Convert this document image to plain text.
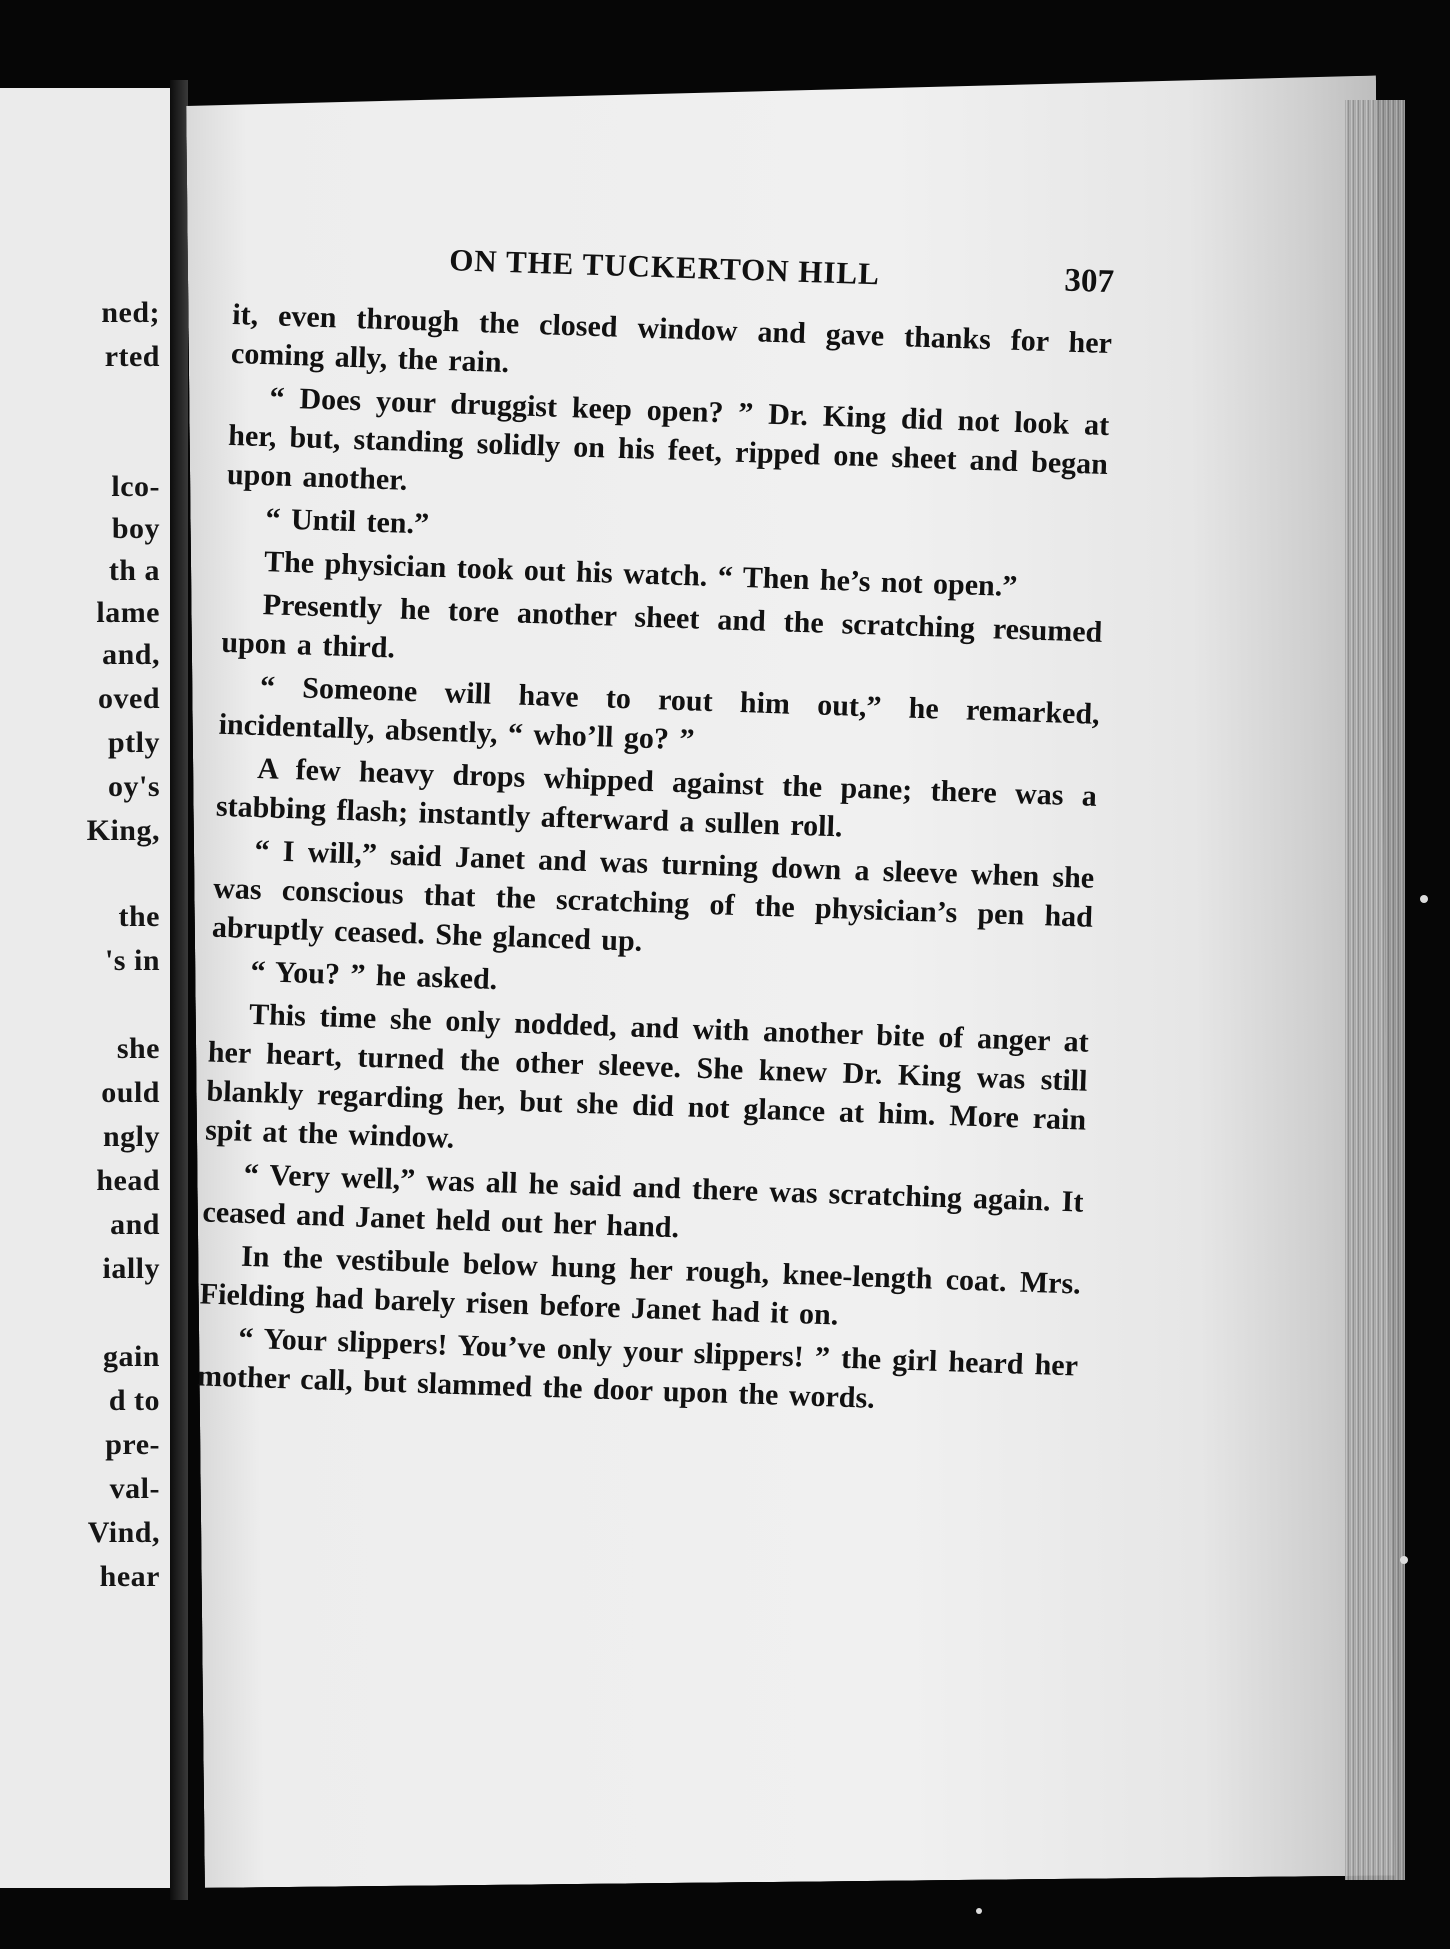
ned;
rted
lco-
boy
th a
lame
and,
oved
ptly
oy's
King,
the
's in
she
ould
ngly
head
and
ially
gain
d to
pre-
val-
Vind,
hear
ON THE TUCKERTON HILL	307

it, even through the closed window and gave thanks for her coming ally, the rain.

“ Does your druggist keep open? ” Dr. King did not look at her, but, standing solidly on his feet, ripped one sheet and began upon another.

“ Until ten.”

The physician took out his watch. “ Then he’s not open.”

Presently he tore another sheet and the scratching resumed upon a third.

“ Someone will have to rout him out,” he remarked, incidentally, absently, “ who’ll go? ”

A few heavy drops whipped against the pane; there was a stabbing flash; instantly afterward a sullen roll.

“ I will,” said Janet and was turning down a sleeve when she was conscious that the scratching of the physician’s pen had abruptly ceased. She glanced up.

“ You? ” he asked.

This time she only nodded, and with another bite of anger at her heart, turned the other sleeve. She knew Dr. King was still blankly regarding her, but she did not glance at him. More rain spit at the window.

“ Very well,” was all he said and there was scratching again. It ceased and Janet held out her hand.

In the vestibule below hung her rough, knee-length coat. Mrs. Fielding had barely risen before Janet had it on.

“ Your slippers! You’ve only your slippers! ” the girl heard her mother call, but slammed the door upon the words.
